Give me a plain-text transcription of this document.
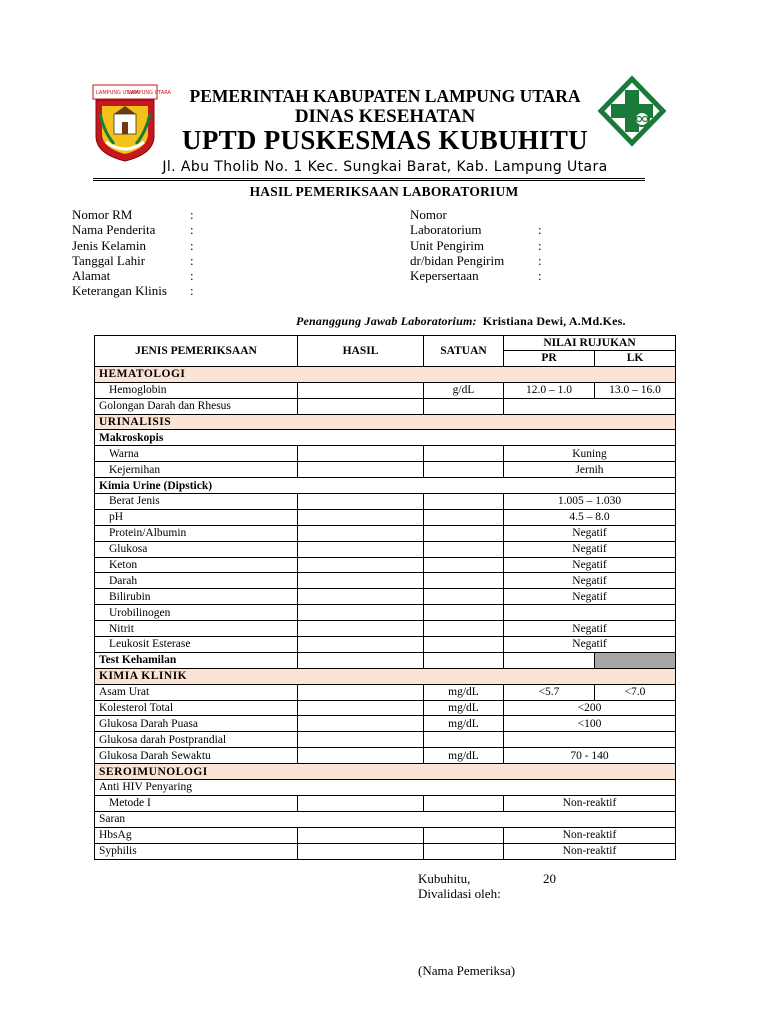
LAMPUNG UTARA
LAMPUNG UTARA	PEMERINTAH KABUPATEN LAMPUNG UTARA
DINAS KESEHATAN
UPTD PUSKESMAS KUBUHITU
Jl. Abu Tholib No. 1 Kec. Sungkai Barat, Kab. Lampung Utara
HASIL PEMERIKSAAN LABORATORIUM
Nomor RM	:
Nama Penderita	:
Jenis Kelamin	:
Tanggal Lahir	:
Alamat	:
Keterangan Klinis :
Nomor
Laboratorium	:
Unit Pengirim	:
dr/bidan Pengirim	:
Kepersertaan	:
Penanggung Jawab Laboratorium: Kristiana Dewi, A.Md.Kes.
JENIS PEMERIKSAAN	HASIL	SATUAN	NILAI RUJUKAN	
			PR	LK
HEMATOLOGI				
Hemoglobin		g/dL	12.0 – 1.0	13.0 – 16.0
Golongan Darah dan Rhesus				
URINALISIS				
Makroskopis				
Warna			Kuning	
Kejernihan			Jernih	
Kimia Urine (Dipstick)				
Berat Jenis			1.005 – 1.030	
pH			4.5 – 8.0	
Protein/Albumin			Negatif	
Glukosa			Negatif	
Keton			Negatif	
Darah			Negatif	
Bilirubin			Negatif	
Urobilinogen				
Nitrit			Negatif	
Leukosit Esterase			Negatif	
Test Kehamilan				
KIMIA KLINIK				
Asam Urat		mg/dL	<5.7	<7.0
Kolesterol Total		mg/dL	<200	
Glukosa Darah Puasa		mg/dL	<100	
Glukosa darah Postprandial				
Glukosa Darah Sewaktu		mg/dL	70 - 140	
SEROIMUNOLOGI				
Anti HIV Penyaring				
Metode I			Non-reaktif	
Saran				
HbsAg			Non-reaktif	
Syphilis			Non-reaktif	
Kubuhitu,	20
Divalidasi oleh:
(Nama Pemeriksa)
